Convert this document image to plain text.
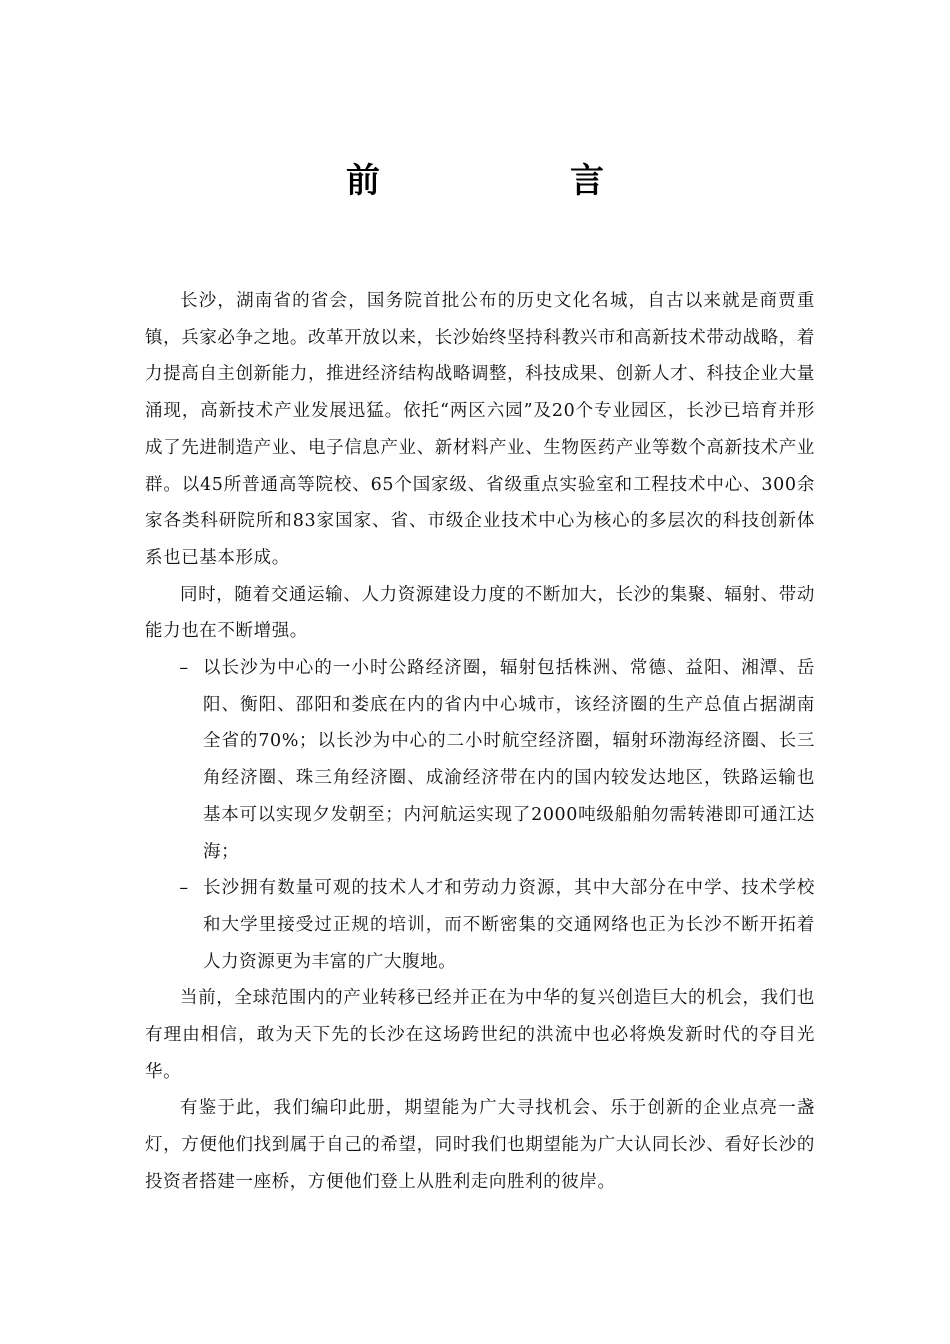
前　言

长沙，湖南省的省会，国务院首批公布的历史文化名城，自古以来就是商贾重镇，兵家必争之地。改革开放以来，长沙始终坚持科教兴市和高新技术带动战略，着力提高自主创新能力，推进经济结构战略调整，科技成果、创新人才、科技企业大量涌现，高新技术产业发展迅猛。依托“两区六园”及20个专业园区，长沙已培育并形成了先进制造产业、电子信息产业、新材料产业、生物医药产业等数个高新技术产业群。以45所普通高等院校、65个国家级、省级重点实验室和工程技术中心、300余家各类科研院所和83家国家、省、市级企业技术中心为核心的多层次的科技创新体系也已基本形成。

同时，随着交通运输、人力资源建设力度的不断加大，长沙的集聚、辐射、带动能力也在不断增强。

– 以长沙为中心的一小时公路经济圈，辐射包括株洲、常德、益阳、湘潭、岳阳、衡阳、邵阳和娄底在内的省内中心城市，该经济圈的生产总值占据湖南全省的70%；以长沙为中心的二小时航空经济圈，辐射环渤海经济圈、长三角经济圈、珠三角经济圈、成渝经济带在内的国内较发达地区，铁路运输也基本可以实现夕发朝至；内河航运实现了2000吨级船舶勿需转港即可通江达海；
– 长沙拥有数量可观的技术人才和劳动力资源，其中大部分在中学、技术学校和大学里接受过正规的培训，而不断密集的交通网络也正为长沙不断开拓着人力资源更为丰富的广大腹地。

当前，全球范围内的产业转移已经并正在为中华的复兴创造巨大的机会，我们也有理由相信，敢为天下先的长沙在这场跨世纪的洪流中也必将焕发新时代的夺目光华。

有鉴于此，我们编印此册，期望能为广大寻找机会、乐于创新的企业点亮一盏灯，方便他们找到属于自己的希望，同时我们也期望能为广大认同长沙、看好长沙的投资者搭建一座桥，方便他们登上从胜利走向胜利的彼岸。
